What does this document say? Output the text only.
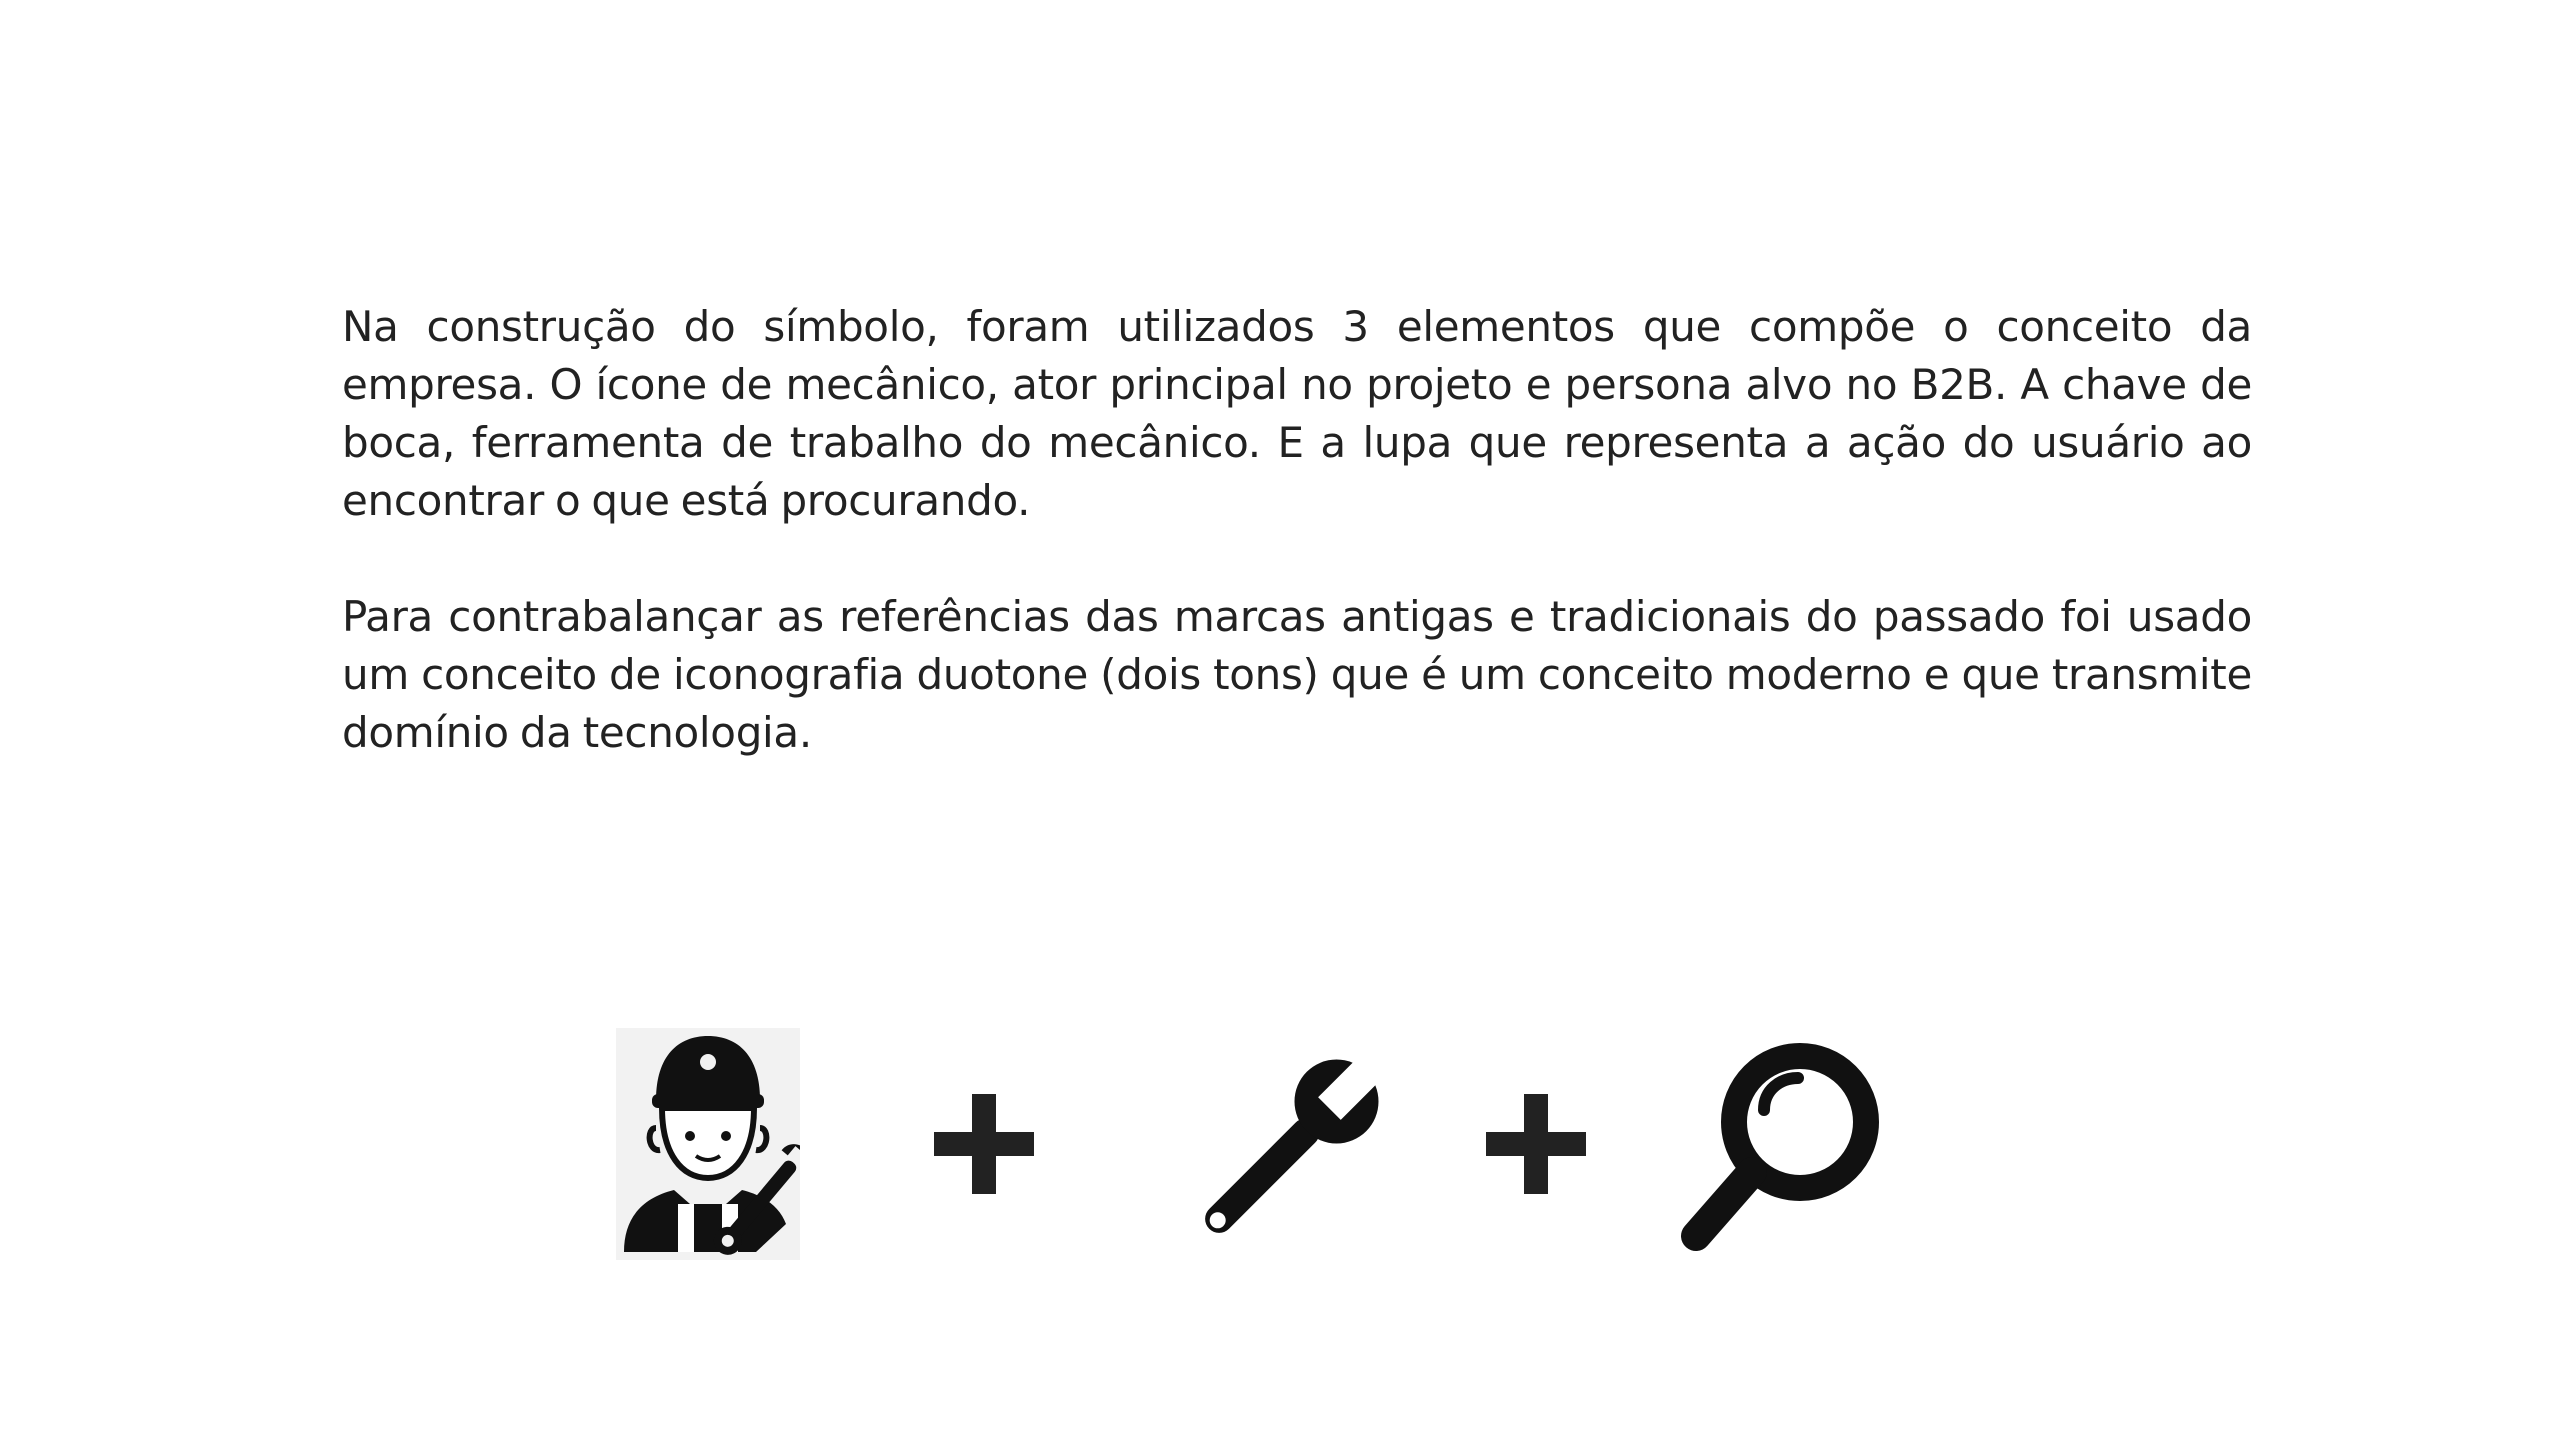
Na construção do símbolo, foram utilizados 3 elementos que compõe o conceito da empresa. O ícone de mecânico, ator principal no projeto e persona alvo no B2B. A chave de boca, ferramenta de trabalho do mecânico. E a lupa que representa a ação do usuário ao encontrar o que está procurando.

Para contrabalançar as referências das marcas antigas e tradicionais do passado foi usado um conceito de iconografia duotone (dois tons) que é um conceito moderno e que transmite domínio da tecnologia.
